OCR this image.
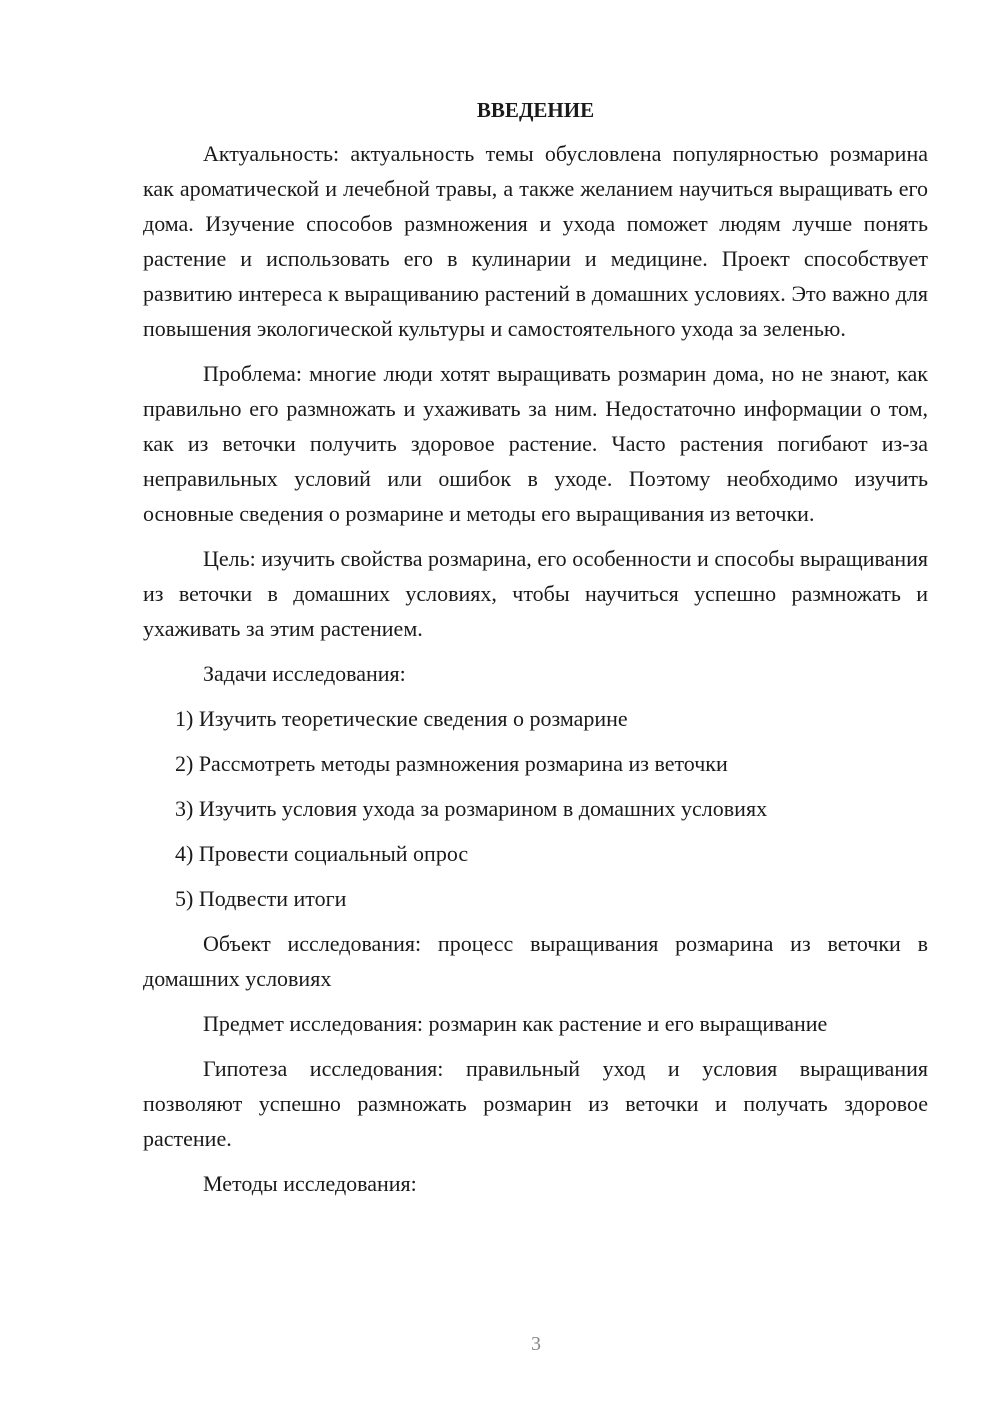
ВВЕДЕНИЕ

Актуальность: актуальность темы обусловлена популярностью розмарина как ароматической и лечебной травы, а также желанием научиться выращивать его дома. Изучение способов размножения и ухода поможет людям лучше понять растение и использовать его в кулинарии и медицине. Проект способствует развитию интереса к выращиванию растений в домашних условиях. Это важно для повышения экологической культуры и самостоятельного ухода за зеленью.

Проблема: многие люди хотят выращивать розмарин дома, но не знают, как правильно его размножать и ухаживать за ним. Недостаточно информации о том, как из веточки получить здоровое растение. Часто растения погибают из-за неправильных условий или ошибок в уходе. Поэтому необходимо изучить основные сведения о розмарине и методы его выращивания из веточки.

Цель: изучить свойства розмарина, его особенности и способы выращивания из веточки в домашних условиях, чтобы научиться успешно размножать и ухаживать за этим растением.

Задачи исследования:

1) Изучить теоретические сведения о розмарине

2) Рассмотреть методы размножения розмарина из веточки

3) Изучить условия ухода за розмарином в домашних условиях

4) Провести социальный опрос

5) Подвести итоги

Объект исследования: процесс выращивания розмарина из веточки в домашних условиях

Предмет исследования: розмарин как растение и его выращивание

Гипотеза исследования: правильный уход и условия выращивания позволяют успешно размножать розмарин из веточки и получать здоровое растение.

Методы исследования:

3
